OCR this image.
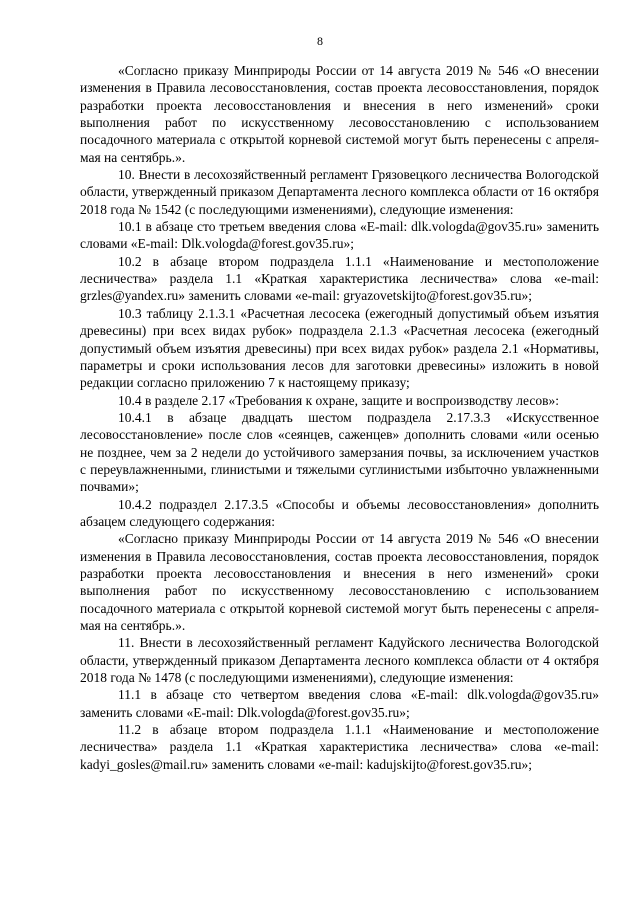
8

«Согласно приказу Минприроды России от 14 августа 2019 № 546 «О внесении изменения в Правила лесовосстановления, состав проекта лесовосстановления, порядок разработки проекта лесовосстановления и внесения в него изменений» сроки выполнения работ по искусственному лесовосстановлению с использованием посадочного материала с открытой корневой системой могут быть перенесены с апреля-мая на сентябрь.».

10. Внести в лесохозяйственный регламент Грязовецкого лесничества Вологодской области, утвержденный приказом Департамента лесного комплекса области от 16 октября 2018 года № 1542 (с последующими изменениями), следующие изменения:

10.1 в абзаце сто третьем введения слова «E-mail: dlk.vologda@gov35.ru» заменить словами «E-mail: Dlk.vologda@forest.gov35.ru»;

10.2 в абзаце втором подраздела 1.1.1 «Наименование и местоположение лесничества» раздела 1.1 «Краткая характеристика лесничества» слова «e-mail: grzles@yandex.ru» заменить словами «e-mail: gryazovetskijto@forest.gov35.ru»;

10.3 таблицу 2.1.3.1 «Расчетная лесосека (ежегодный допустимый объем изъятия древесины) при всех видах рубок» подраздела 2.1.3 «Расчетная лесосека (ежегодный допустимый объем изъятия древесины) при всех видах рубок» раздела 2.1 «Нормативы, параметры и сроки использования лесов для заготовки древесины» изложить в новой редакции согласно приложению 7 к настоящему приказу;

10.4 в разделе 2.17 «Требования к охране, защите и воспроизводству лесов»:

10.4.1 в абзаце двадцать шестом подраздела 2.17.3.3 «Искусственное лесовосстановление» после слов «сеянцев, саженцев» дополнить словами «или осенью не позднее, чем за 2 недели до устойчивого замерзания почвы, за исключением участков с переувлажненными, глинистыми и тяжелыми суглинистыми избыточно увлажненными почвами»;

10.4.2 подраздел 2.17.3.5 «Способы и объемы лесовосстановления» дополнить абзацем следующего содержания:

«Согласно приказу Минприроды России от 14 августа 2019 № 546 «О внесении изменения в Правила лесовосстановления, состав проекта лесовосстановления, порядок разработки проекта лесовосстановления и внесения в него изменений» сроки выполнения работ по искусственному лесовосстановлению с использованием посадочного материала с открытой корневой системой могут быть перенесены с апреля-мая на сентябрь.».

11. Внести в лесохозяйственный регламент Кадуйского лесничества Вологодской области, утвержденный приказом Департамента лесного комплекса области от 4 октября 2018 года № 1478 (с последующими изменениями), следующие изменения:

11.1 в абзаце сто четвертом введения слова «E-mail: dlk.vologda@gov35.ru» заменить словами «E-mail: Dlk.vologda@forest.gov35.ru»;

11.2 в абзаце втором подраздела 1.1.1 «Наименование и местоположение лесничества» раздела 1.1 «Краткая характеристика лесничества» слова «e-mail: kadyi_gosles@mail.ru» заменить словами «e-mail: kadujskijto@forest.gov35.ru»;
